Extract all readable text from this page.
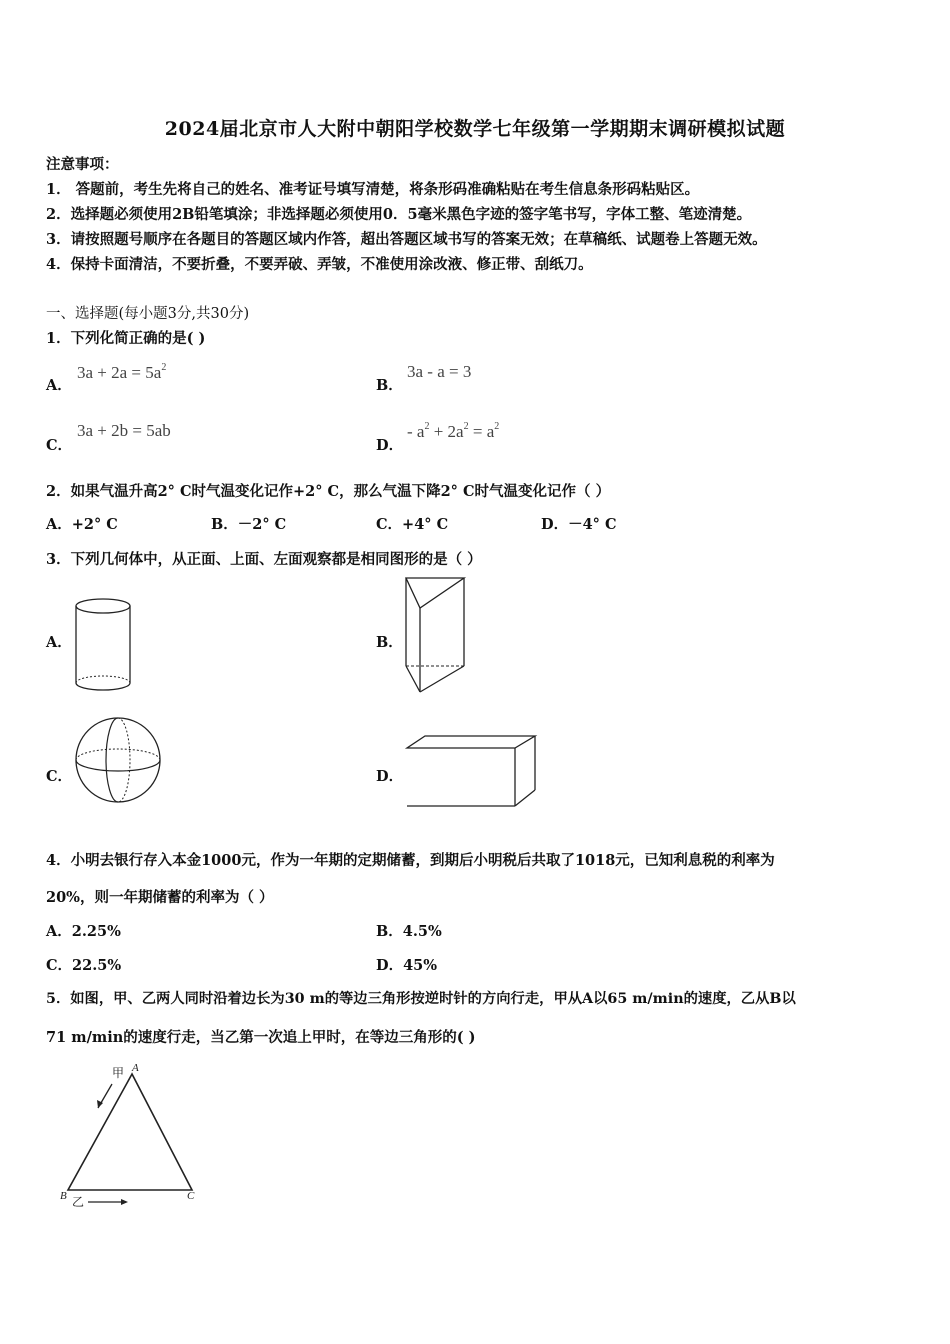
2024届北京市人大附中朝阳学校数学七年级第一学期期末调研模拟试题
注意事项：
1． 答题前，考生先将自己的姓名、准考证号填写清楚，将条形码准确粘贴在考生信息条形码粘贴区。
2．选择题必须使用2B铅笔填涂；非选择题必须使用0．5毫米黑色字迹的签字笔书写，字体工整、笔迹清楚。
3．请按照题号顺序在各题目的答题区域内作答，超出答题区域书写的答案无效；在草稿纸、试题卷上答题无效。
4．保持卡面清洁，不要折叠，不要弄破、弄皱，不准使用涂改液、修正带、刮纸刀。
一、选择题(每小题3分,共30分)
1．下列化简正确的是( )
A．
$3a + 2a = 5a^2$
B．
3a - a = 3
C．
3a + 2b = 5ab
D．
- $a^2 + 2a^2 = a^2$
2．如果气温升高2° C时气温变化记作+2° C，那么气温下降2° C时气温变化记作（ ）
A．+2° C	B．－2° C	C．+4° C	D．－4° C
3．下列几何体中，从正面、上面、左面观察都是相同图形的是（ ）
A．	B．
C．	D．
4．小明去银行存入本金1000元，作为一年期的定期储蓄，到期后小明税后共取了1018元，已知利息税的利率为
20%，则一年期储蓄的利率为（ ）
A．2.25%	B．4.5%
C．22.5%	D．45%
5．如图，甲、乙两人同时沿着边长为30 m的等边三角形按逆时针的方向行走，甲从A以65 m/min的速度，乙从B以
71 m/min的速度行走，当乙第一次追上甲时，在等边三角形的( )
甲 A
B	C
乙
